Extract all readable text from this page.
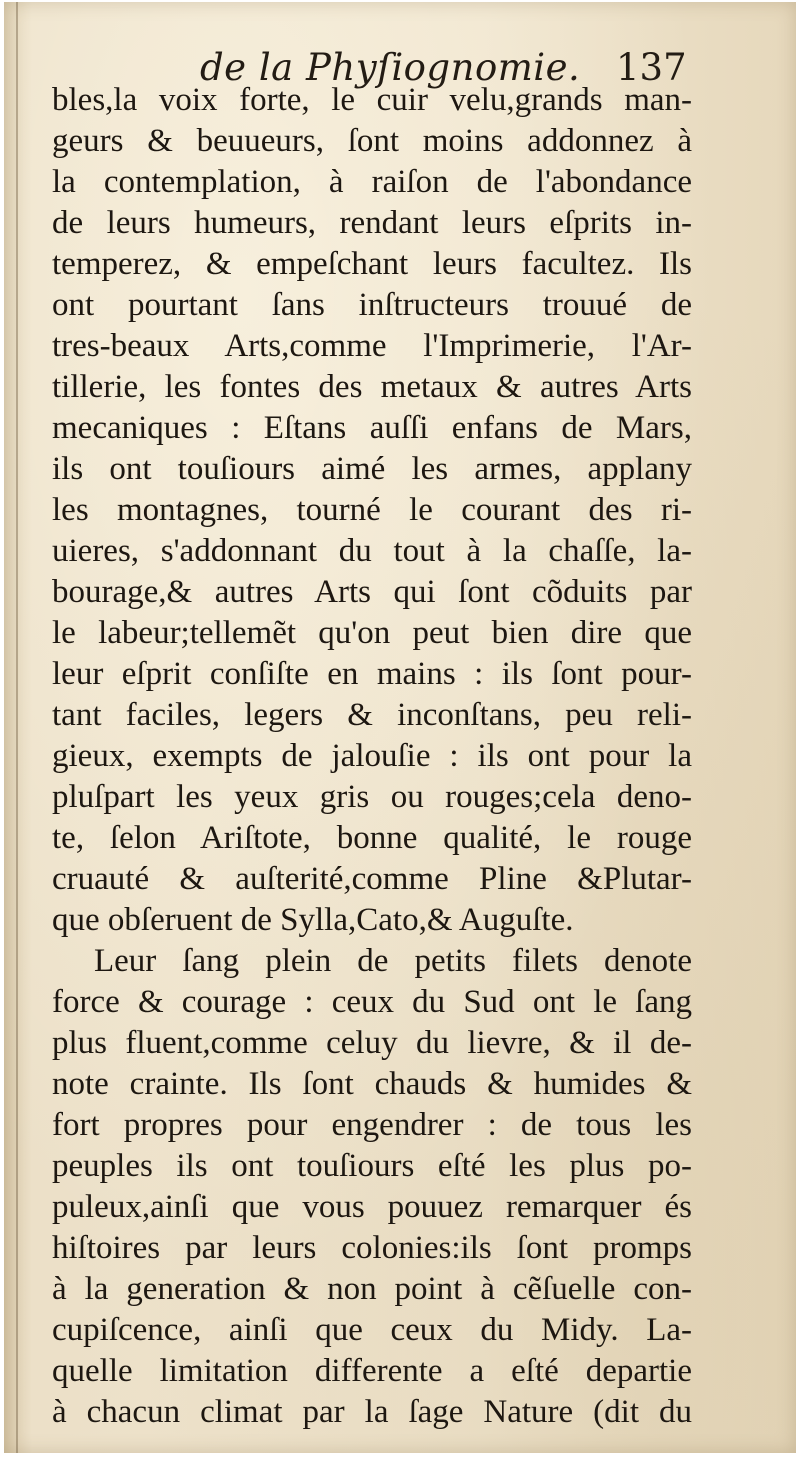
de la Phyſiognomie. 137
bles,la voix forte, le cuir velu,grands man-
geurs & beuueurs, ſont moins addonnez à
la contemplation, à raiſon de l'abondance
de leurs humeurs, rendant leurs eſprits in-
temperez, & empeſchant leurs facultez. Ils
ont pourtant ſans inſtructeurs trouué de
tres-beaux Arts,comme l'Imprimerie, l'Ar-
tillerie, les fontes des metaux & autres Arts
mecaniques : Eſtans auſſi enfans de Mars,
ils ont touſiours aimé les armes, applany
les montagnes, tourné le courant des ri-
uieres, s'addonnant du tout à la chaſſe, la-
bourage,& autres Arts qui ſont cõduits par
le labeur;tellemẽt qu'on peut bien dire que
leur eſprit conſiſte en mains : ils ſont pour-
tant faciles, legers & inconſtans, peu reli-
gieux, exempts de jalouſie : ils ont pour la
pluſpart les yeux gris ou rouges;cela deno-
te, ſelon Ariſtote, bonne qualité, le rouge
cruauté & auſterité,comme Pline &Plutar-
que obſeruent de Sylla,Cato,& Auguſte.
Leur ſang plein de petits filets denote
force & courage : ceux du Sud ont le ſang
plus fluent,comme celuy du lievre, & il de-
note crainte. Ils ſont chauds & humides &
fort propres pour engendrer : de tous les
peuples ils ont touſiours eſté les plus po-
puleux,ainſi que vous pouuez remarquer és
hiſtoires par leurs colonies:ils ſont promps
à la generation & non point à cẽſuelle con-
cupiſcence, ainſi que ceux du Midy. La-
quelle limitation differente a eſté departie
à chacun climat par la ſage Nature (dit du
